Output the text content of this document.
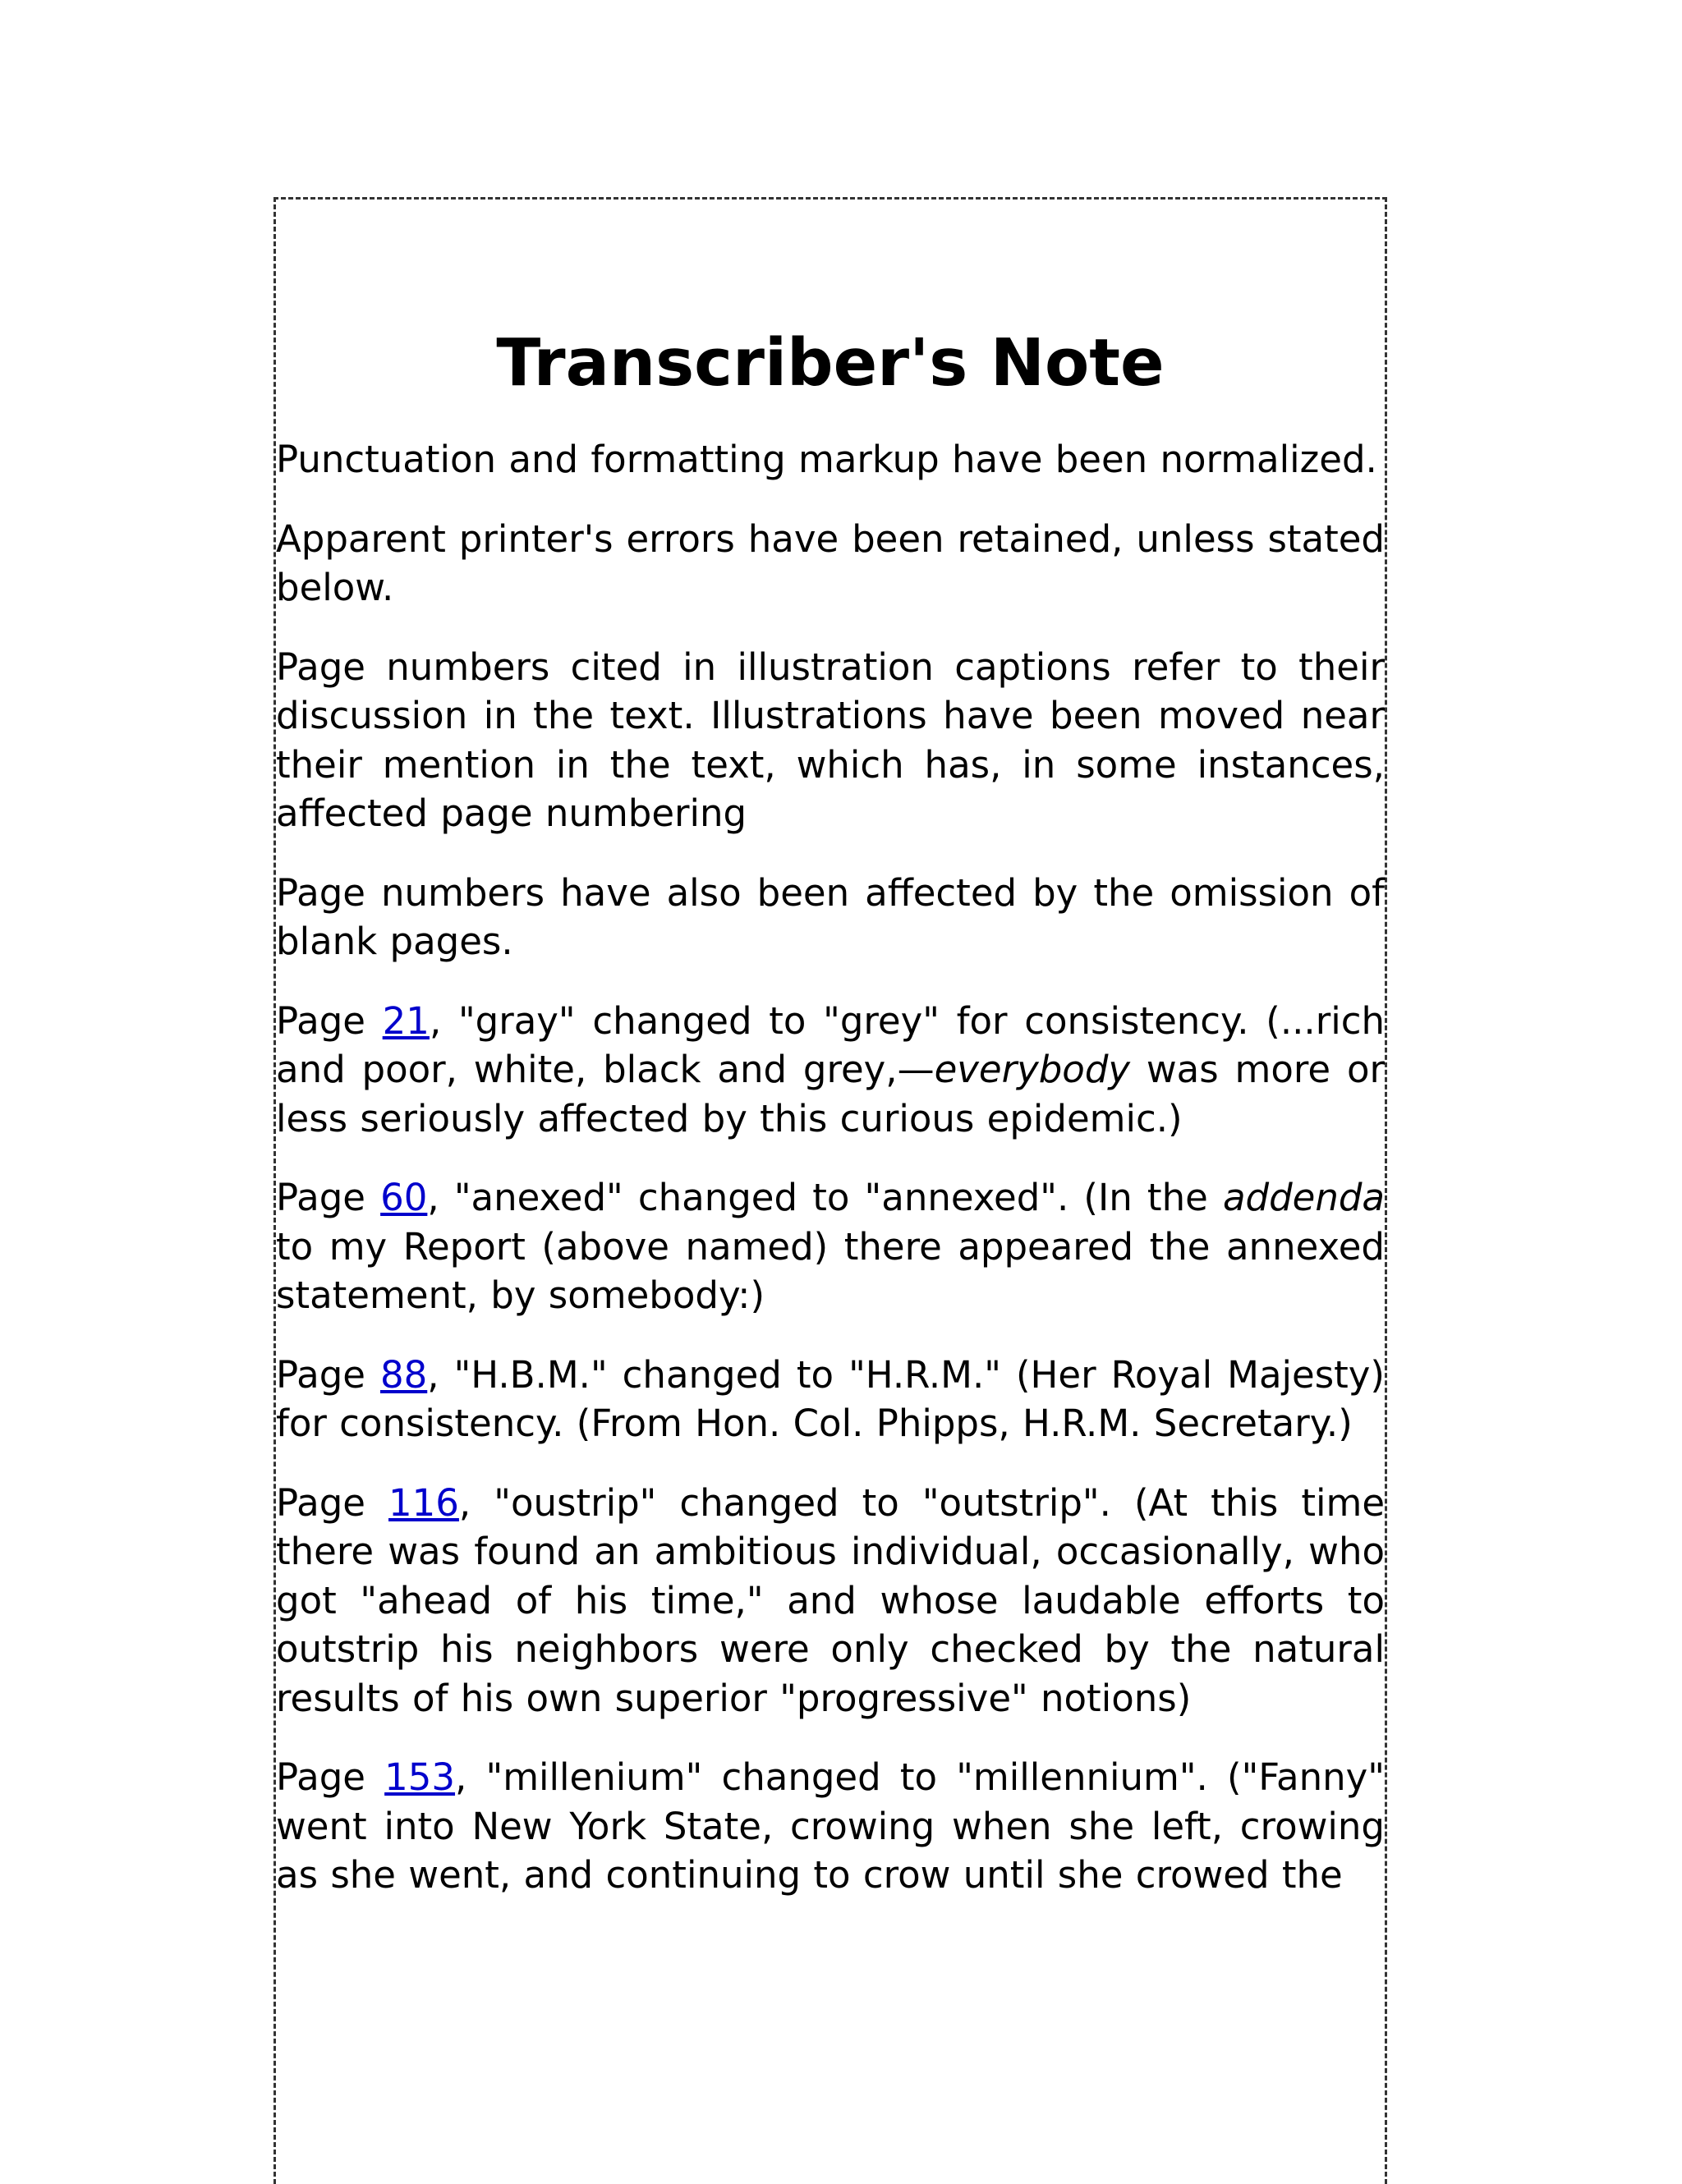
Transcriber's Note

Punctuation and formatting markup have been normalized.

Apparent printer's errors have been retained, unless stated below.

Page numbers cited in illustration captions refer to their discussion in the text. Illustrations have been moved near their mention in the text, which has, in some instances, affected page numbering

Page numbers have also been affected by the omission of blank pages.

Page 21, "gray" changed to "grey" for consistency. (...rich and poor, white, black and grey,—everybody was more or less seriously affected by this curious epidemic.)

Page 60, "anexed" changed to "annexed". (In the addenda to my Report (above named) there appeared the annexed statement, by somebody:)

Page 88, "H.B.M." changed to "H.R.M." (Her Royal Majesty) for consistency. (From Hon. Col. Phipps, H.R.M. Secretary.)

Page 116, "oustrip" changed to "outstrip". (At this time there was found an ambitious individual, occasionally, who got "ahead of his time," and whose laudable efforts to outstrip his neighbors were only checked by the natural results of his own superior "progressive" notions)

Page 153, "millenium" changed to "millennium". ("Fanny" went into New York State, crowing when she left, crowing as she went, and continuing to crow until she crowed the
